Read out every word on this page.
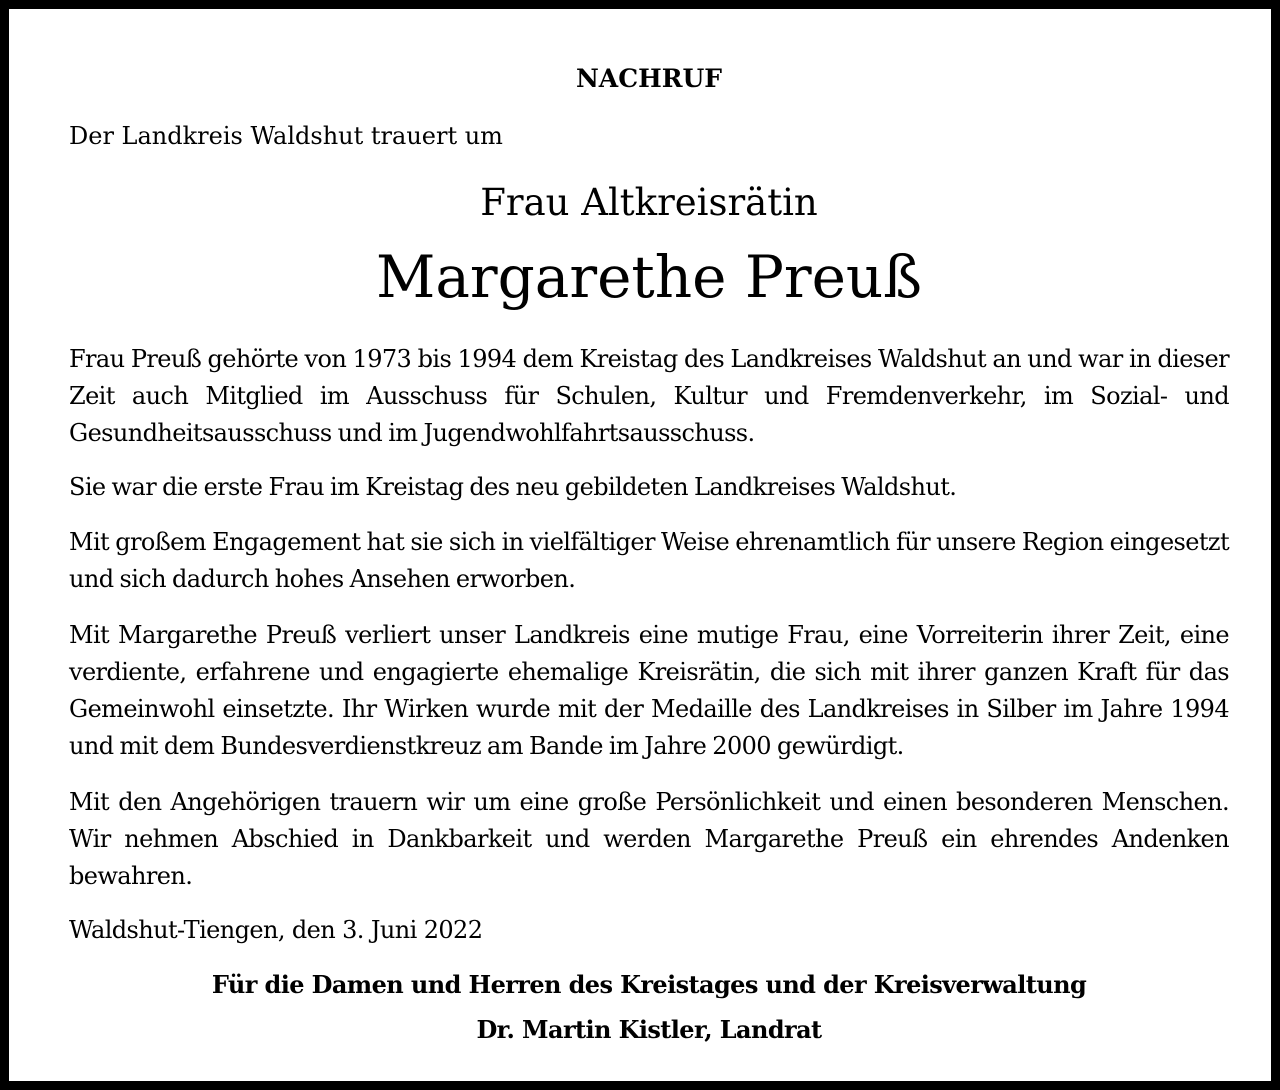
NACHRUF
Der Landkreis Waldshut trauert um
Frau Altkreisrätin
Margarethe Preuß
Frau Preuß gehörte von 1973 bis 1994 dem Kreistag des Landkreises Waldshut an und war in dieser Zeit auch Mitglied im Ausschuss für Schulen, Kultur und Fremdenverkehr, im Sozial- und Gesundheitsausschuss und im Jugendwohlfahrtsausschuss.
Sie war die erste Frau im Kreistag des neu gebildeten Landkreises Waldshut.
Mit großem Engagement hat sie sich in vielfältiger Weise ehrenamtlich für unsere Region eingesetzt und sich dadurch hohes Ansehen erworben.
Mit Margarethe Preuß verliert unser Landkreis eine mutige Frau, eine Vorreiterin ihrer Zeit, eine verdiente, erfahrene und engagierte ehemalige Kreisrätin, die sich mit ihrer ganzen Kraft für das Gemeinwohl einsetzte. Ihr Wirken wurde mit der Medaille des Landkreises in Silber im Jahre 1994 und mit dem Bundesverdienstkreuz am Bande im Jahre 2000 gewürdigt.
Mit den Angehörigen trauern wir um eine große Persönlichkeit und einen besonderen Menschen. Wir nehmen Abschied in Dankbarkeit und werden Margarethe Preuß ein ehrendes Andenken bewahren.
Waldshut-Tiengen, den 3. Juni 2022
Für die Damen und Herren des Kreistages und der Kreisverwaltung
Dr. Martin Kistler, Landrat
